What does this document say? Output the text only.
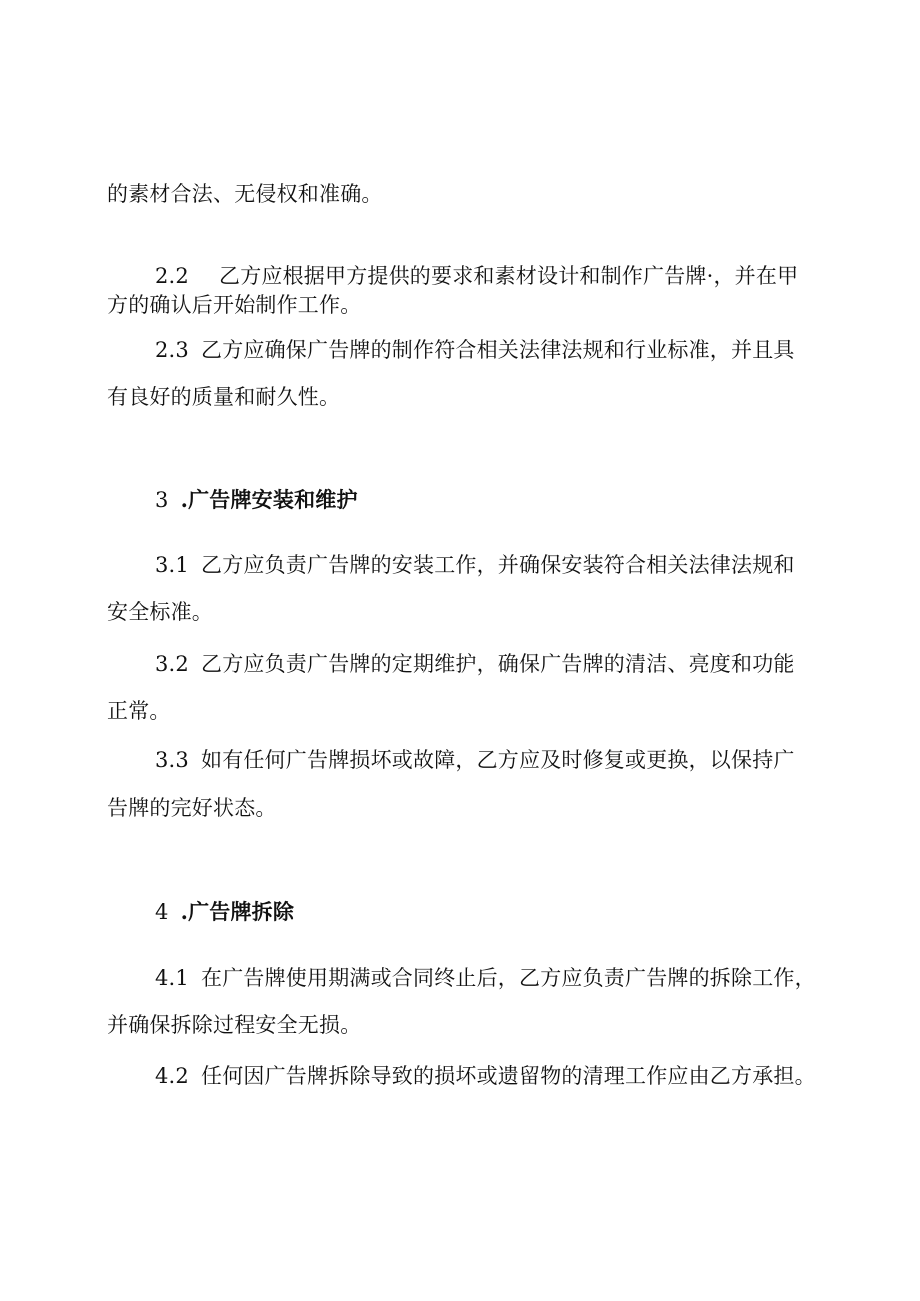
的素材合法、无侵权和准确。
2.2 乙方应根据甲方提供的要求和素材设计和制作广告牌·，并在甲
方的确认后开始制作工作。
2.3 乙方应确保广告牌的制作符合相关法律法规和行业标准，并且具
有良好的质量和耐久性。
3 .广告牌安装和维护
3.1 乙方应负责广告牌的安装工作，并确保安装符合相关法律法规和
安全标准。
3.2 乙方应负责广告牌的定期维护，确保广告牌的清洁、亮度和功能
正常。
3.3 如有任何广告牌损坏或故障，乙方应及时修复或更换，以保持广
告牌的完好状态。
4 .广告牌拆除
4.1 在广告牌使用期满或合同终止后，乙方应负责广告牌的拆除工作，
并确保拆除过程安全无损。
4.2 任何因广告牌拆除导致的损坏或遗留物的清理工作应由乙方承担。
